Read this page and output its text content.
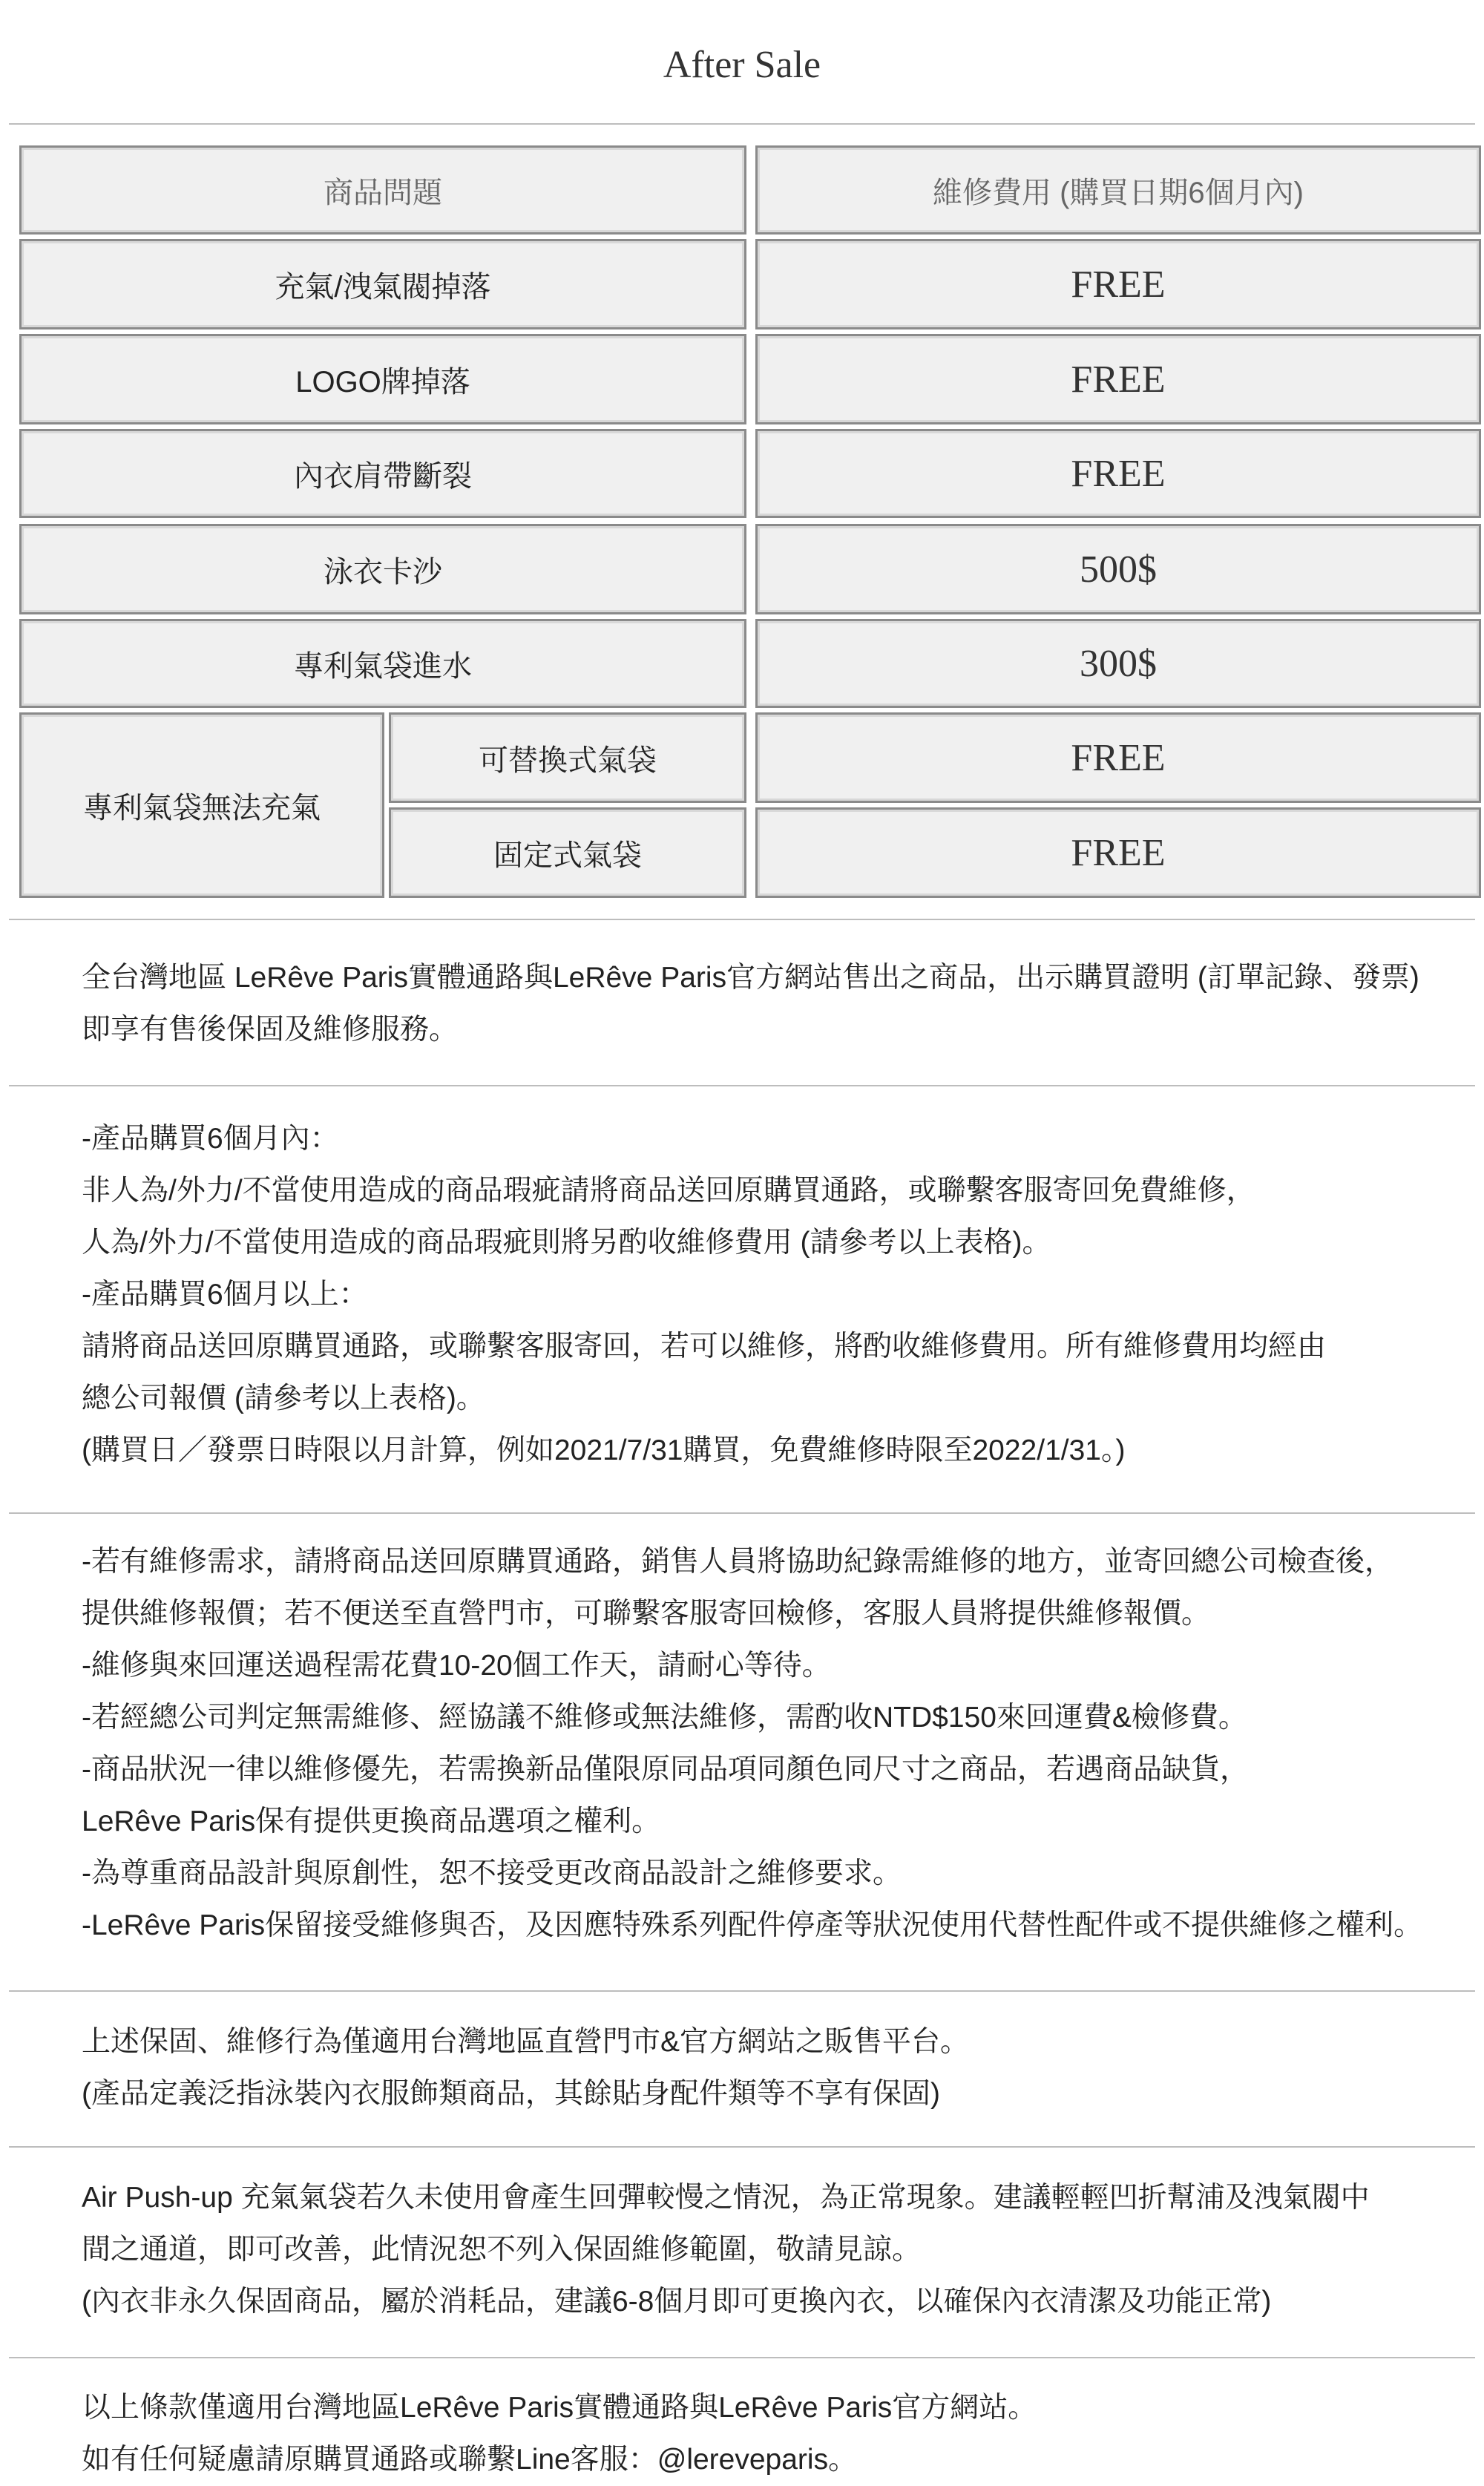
After Sale
商品問題	維修費用 (購買日期6個月內)
充氣/洩氣閥掉落	FREE
LOGO牌掉落	FREE
內衣肩帶斷裂	FREE
泳衣卡沙	500$
專利氣袋進水	300$
專利氣袋無法充氣
可替換式氣袋	FREE
固定式氣袋	FREE
全台灣地區 LeRêve Paris實體通路與LeRêve Paris官方網站售出之商品，出示購買證明 (訂單記錄、發票)
即享有售後保固及維修服務。
-產品購買6個月內：
非人為/外力/不當使用造成的商品瑕疵請將商品送回原購買通路，或聯繫客服寄回免費維修，
人為/外力/不當使用造成的商品瑕疵則將另酌收維修費用 (請參考以上表格)。
-產品購買6個月以上：
請將商品送回原購買通路，或聯繫客服寄回，若可以維修，將酌收維修費用。所有維修費用均經由
總公司報價 (請參考以上表格)。
(購買日／發票日時限以月計算，例如2021/7/31購買，免費維修時限至2022/1/31。)
-若有維修需求，請將商品送回原購買通路，銷售人員將協助紀錄需維修的地方，並寄回總公司檢查後，
提供維修報價；若不便送至直營門市，可聯繫客服寄回檢修，客服人員將提供維修報價。
-維修與來回運送過程需花費10-20個工作天，請耐心等待。
-若經總公司判定無需維修、經協議不維修或無法維修，需酌收NTD$150來回運費&檢修費。
-商品狀況一律以維修優先，若需換新品僅限原同品項同顏色同尺寸之商品，若遇商品缺貨，
LeRêve Paris保有提供更換商品選項之權利。
-為尊重商品設計與原創性，恕不接受更改商品設計之維修要求。
-LeRêve Paris保留接受維修與否，及因應特殊系列配件停產等狀況使用代替性配件或不提供維修之權利。
上述保固、維修行為僅適用台灣地區直營門市&官方網站之販售平台。
(產品定義泛指泳裝內衣服飾類商品，其餘貼身配件類等不享有保固)
Air Push-up 充氣氣袋若久未使用會產生回彈較慢之情況，為正常現象。建議輕輕凹折幫浦及洩氣閥中
間之通道，即可改善，此情況恕不列入保固維修範圍，敬請見諒。
(內衣非永久保固商品，屬於消耗品，建議6-8個月即可更換內衣，以確保內衣清潔及功能正常)
以上條款僅適用台灣地區LeRêve Paris實體通路與LeRêve Paris官方網站。
如有任何疑慮請原購買通路或聯繫Line客服：@lereveparis。
